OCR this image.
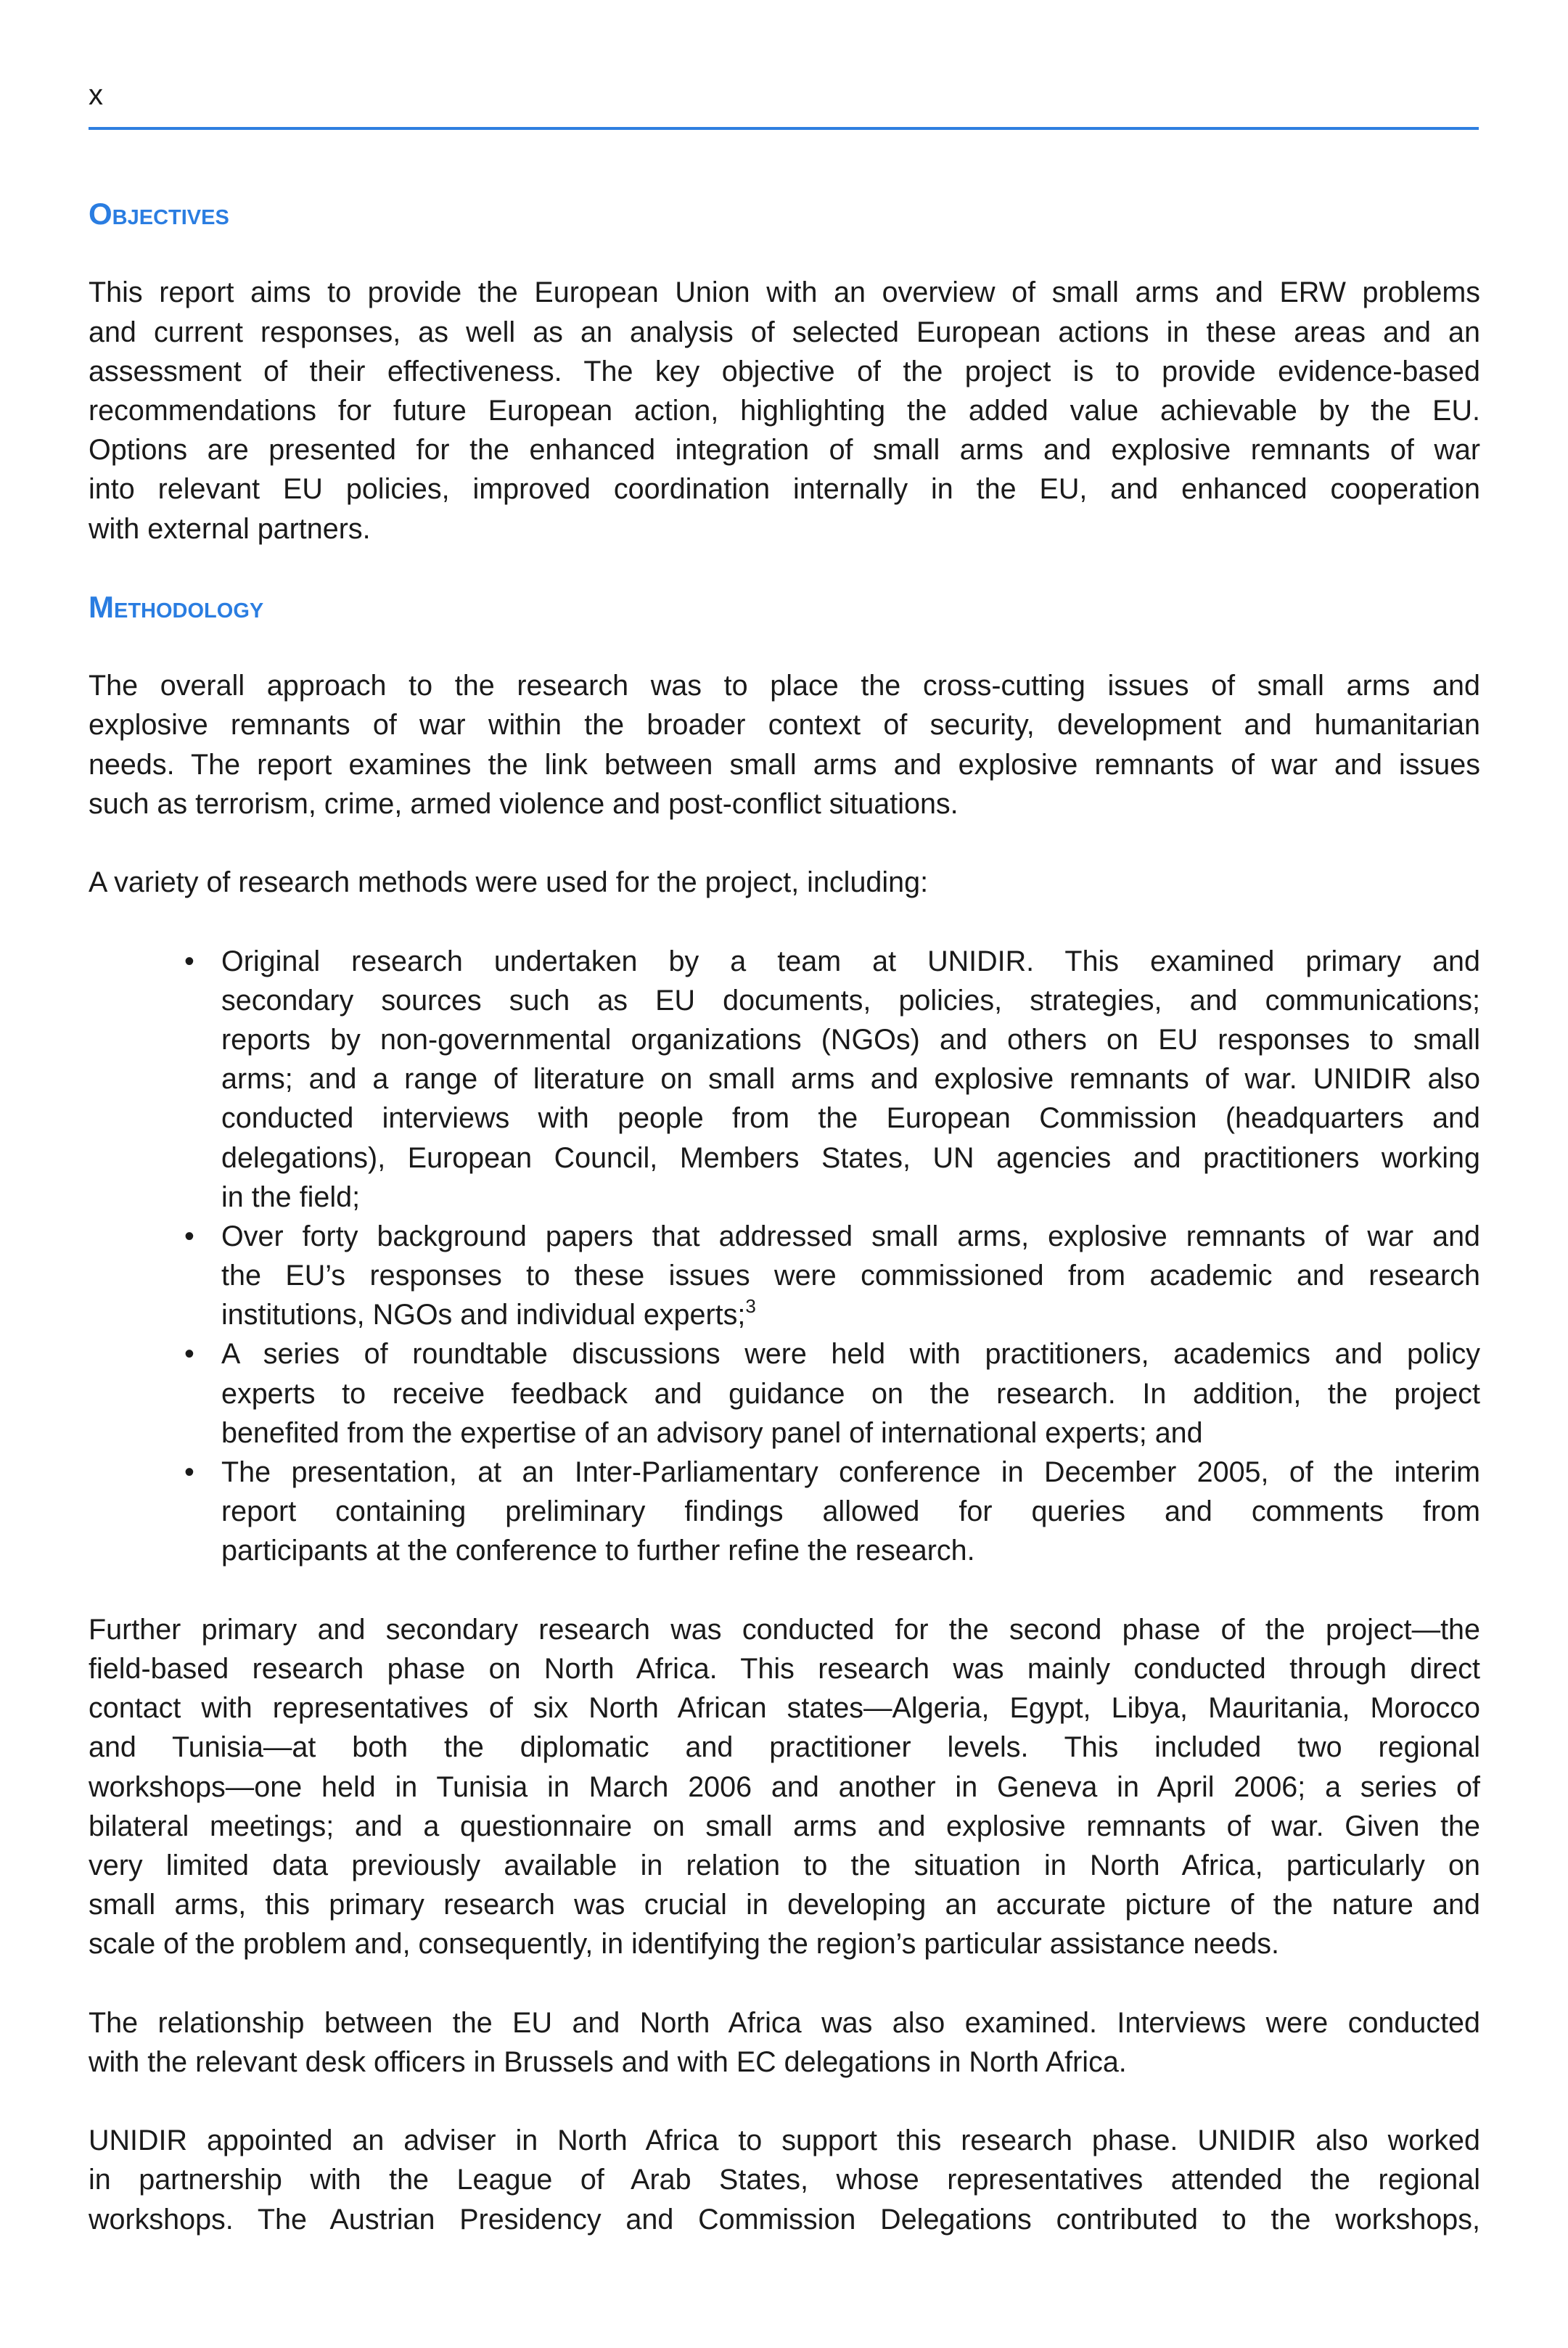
x
Objectives
This report aims to provide the European Union with an overview of small arms and ERW problems
and current responses, as well as an analysis of selected European actions in these areas and an
assessment of their effectiveness. The key objective of the project is to provide evidence-based
recommendations for future European action, highlighting the added value achievable by the EU.
Options are presented for the enhanced integration of small arms and explosive remnants of war
into relevant EU policies, improved coordination internally in the EU, and enhanced cooperation
with external partners.
Methodology
The overall approach to the research was to place the cross-cutting issues of small arms and
explosive remnants of war within the broader context of security, development and humanitarian
needs. The report examines the link between small arms and explosive remnants of war and issues
such as terrorism, crime, armed violence and post-conflict situations.
A variety of research methods were used for the project, including:
• Original research undertaken by a team at UNIDIR. This examined primary and
secondary sources such as EU documents, policies, strategies, and communications;
reports by non-governmental organizations (NGOs) and others on EU responses to small
arms; and a range of literature on small arms and explosive remnants of war. UNIDIR also
conducted interviews with people from the European Commission (headquarters and
delegations), European Council, Members States, UN agencies and practitioners working
in the field;
• Over forty background papers that addressed small arms, explosive remnants of war and
the EU’s responses to these issues were commissioned from academic and research
institutions, NGOs and individual experts;$^3$
• A series of roundtable discussions were held with practitioners, academics and policy
experts to receive feedback and guidance on the research. In addition, the project
benefited from the expertise of an advisory panel of international experts; and
• The presentation, at an Inter-Parliamentary conference in December 2005, of the interim
report containing preliminary findings allowed for queries and comments from
participants at the conference to further refine the research.
Further primary and secondary research was conducted for the second phase of the project—the
field-based research phase on North Africa. This research was mainly conducted through direct
contact with representatives of six North African states—Algeria, Egypt, Libya, Mauritania, Morocco
and Tunisia—at both the diplomatic and practitioner levels. This included two regional
workshops—one held in Tunisia in March 2006 and another in Geneva in April 2006; a series of
bilateral meetings; and a questionnaire on small arms and explosive remnants of war. Given the
very limited data previously available in relation to the situation in North Africa, particularly on
small arms, this primary research was crucial in developing an accurate picture of the nature and
scale of the problem and, consequently, in identifying the region’s particular assistance needs.
The relationship between the EU and North Africa was also examined. Interviews were conducted
with the relevant desk officers in Brussels and with EC delegations in North Africa.
UNIDIR appointed an adviser in North Africa to support this research phase. UNIDIR also worked
in partnership with the League of Arab States, whose representatives attended the regional
workshops. The Austrian Presidency and Commission Delegations contributed to the workshops,
